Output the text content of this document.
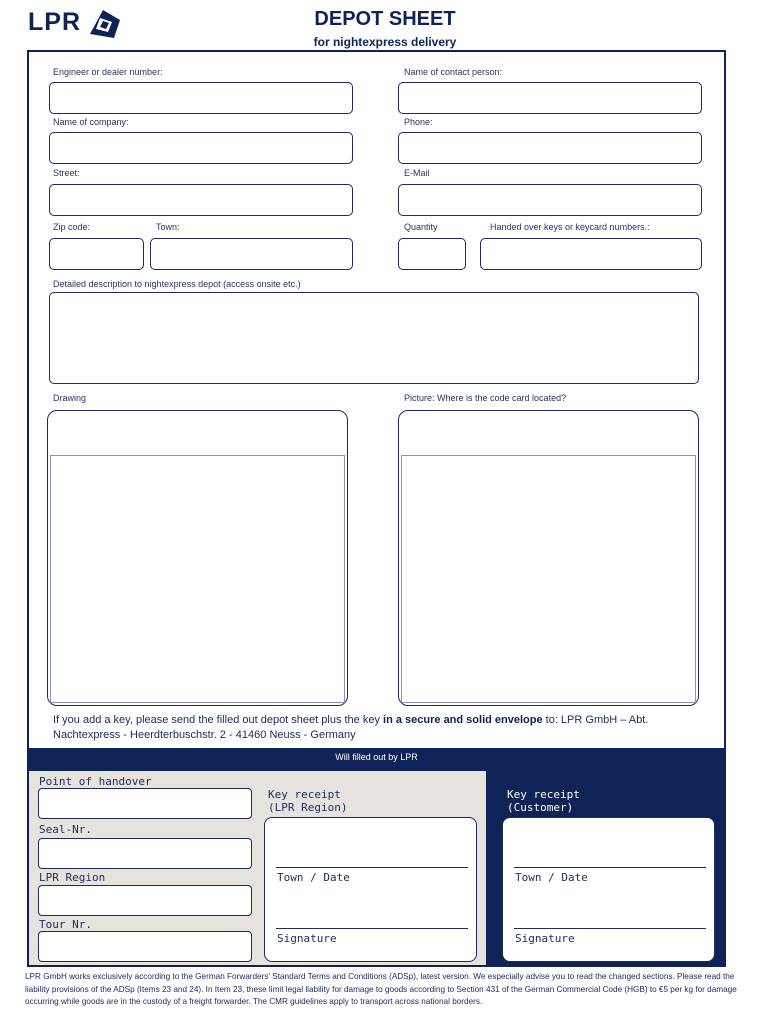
LPR	DEPOT SHEET
for nightexpress delivery
Engineer or dealer number:	Name of contact person:
Name of company:	Phone:
Street:	E-Mail
Zip code:	Town:	Quantity	Handed over keys or keycard numbers.:
Detailed description to nightexpress depot (access onsite etc.)
Drawing	Picture: Where is the code card located?
If you add a key, please send the filled out depot sheet plus the key in a secure and solid envelope to: LPR GmbH – Abt. Nachtexpress - Heerdterbuschstr. 2 - 41460 Neuss - Germany
Will filled out by LPR
Point of handover
Seal-Nr.
LPR Region
Tour Nr.
Key receipt
(LPR Region)
Town / Date
Signature
Key receipt
(Customer)
Town / Date
Signature
LPR GmbH works exclusively according to the German Forwarders' Standard Terms and Conditions (ADSp), latest version. We especially advise you to read the changed sections. Please read the liability provisions of the ADSp (Items 23 and 24). In Item 23, these limit legal liability for damage to goods according to Section 431 of the German Commercial Code (HGB) to €5 per kg for damage occurring while goods are in the custody of a freight forwarder. The CMR guidelines apply to transport across national borders.
